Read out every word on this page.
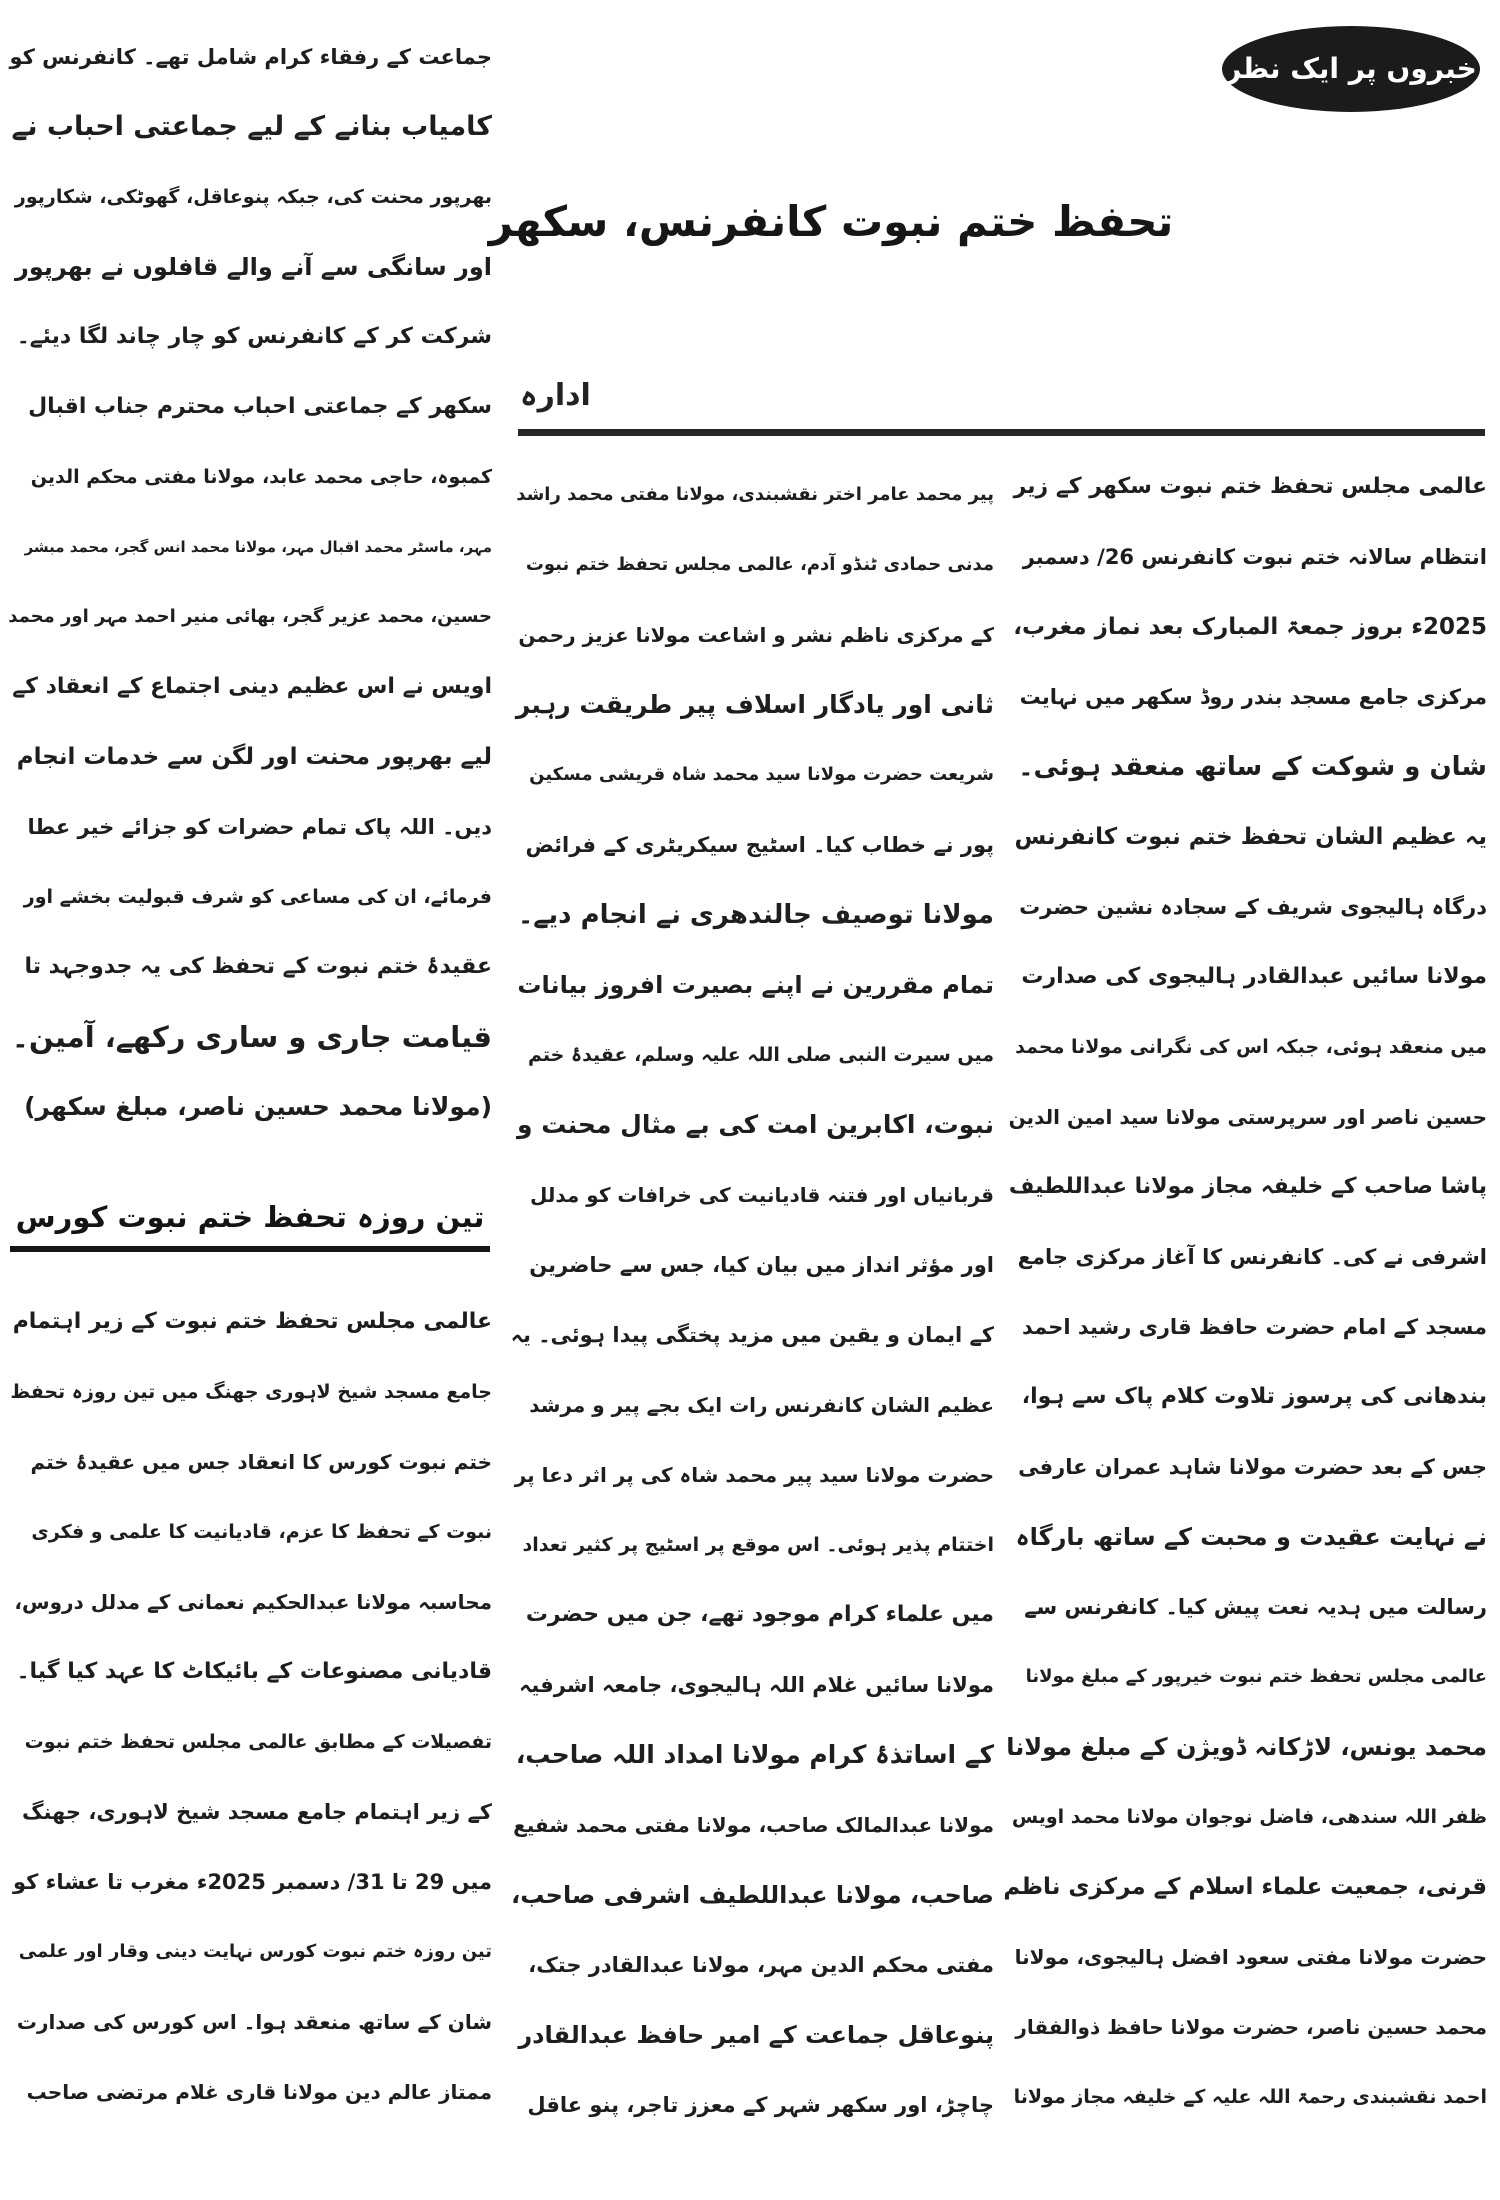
خبروں پر ایک نظر
تحفظ ختم نبوت کانفرنس، سکھر
ادارہ
عالمی مجلس تحفظ ختم نبوت سکھر کے زیر
انتظام سالانہ ختم نبوت کانفرنس 26/ دسمبر
2025ء بروز جمعۃ المبارک بعد نماز مغرب،
مرکزی جامع مسجد بندر روڈ سکھر میں نہایت
شان و شوکت کے ساتھ منعقد ہوئی۔
یہ عظیم الشان تحفظ ختم نبوت کانفرنس
درگاہ ہالیجوی شریف کے سجادہ نشین حضرت
مولانا سائیں عبدالقادر ہالیجوی کی صدارت
میں منعقد ہوئی، جبکہ اس کی نگرانی مولانا محمد
حسین ناصر اور سرپرستی مولانا سید امین الدین
پاشا صاحب کے خلیفہ مجاز مولانا عبداللطیف
اشرفی نے کی۔ کانفرنس کا آغاز مرکزی جامع
مسجد کے امام حضرت حافظ قاری رشید احمد
بندھانی کی پرسوز تلاوت کلام پاک سے ہوا،
جس کے بعد حضرت مولانا شاہد عمران عارفی
نے نہایت عقیدت و محبت کے ساتھ بارگاہ
رسالت میں ہدیہ نعت پیش کیا۔ کانفرنس سے
عالمی مجلس تحفظ ختم نبوت خیرپور کے مبلغ مولانا
محمد یونس، لاڑکانہ ڈویژن کے مبلغ مولانا
ظفر اللہ سندھی، فاضل نوجوان مولانا محمد اویس
قرنی، جمعیت علماء اسلام کے مرکزی ناظم
حضرت مولانا مفتی سعود افضل ہالیجوی، مولانا
محمد حسین ناصر، حضرت مولانا حافظ ذوالفقار
احمد نقشبندی رحمۃ اللہ علیہ کے خلیفہ مجاز مولانا
پیر محمد عامر اختر نقشبندی، مولانا مفتی محمد راشد
مدنی حمادی ٹنڈو آدم، عالمی مجلس تحفظ ختم نبوت
کے مرکزی ناظم نشر و اشاعت مولانا عزیز رحمن
ثانی اور یادگار اسلاف پیر طریقت رہبر
شریعت حضرت مولانا سید محمد شاہ قریشی مسکین
پور نے خطاب کیا۔ اسٹیج سیکریٹری کے فرائض
مولانا توصیف جالندھری نے انجام دیے۔
تمام مقررین نے اپنے بصیرت افروز بیانات
میں سیرت النبی صلی اللہ علیہ وسلم، عقیدۂ ختم
نبوت، اکابرین امت کی بے مثال محنت و
قربانیاں اور فتنہ قادیانیت کی خرافات کو مدلل
اور مؤثر انداز میں بیان کیا، جس سے حاضرین
کے ایمان و یقین میں مزید پختگی پیدا ہوئی۔ یہ
عظیم الشان کانفرنس رات ایک بجے پیر و مرشد
حضرت مولانا سید پیر محمد شاہ کی پر اثر دعا پر
اختتام پذیر ہوئی۔ اس موقع پر اسٹیج پر کثیر تعداد
میں علماء کرام موجود تھے، جن میں حضرت
مولانا سائیں غلام اللہ ہالیجوی، جامعہ اشرفیہ
کے اساتذۂ کرام مولانا امداد اللہ صاحب،
مولانا عبدالمالک صاحب، مولانا مفتی محمد شفیع
صاحب، مولانا عبداللطیف اشرفی صاحب،
مفتی محکم الدین مہر، مولانا عبدالقادر جتک،
پنوعاقل جماعت کے امیر حافظ عبدالقادر
چاچڑ، اور سکھر شہر کے معزز تاجر، پنو عاقل
جماعت کے رفقاء کرام شامل تھے۔ کانفرنس کو
کامیاب بنانے کے لیے جماعتی احباب نے
بھرپور محنت کی، جبکہ پنوعاقل، گھوٹکی، شکارپور
اور سانگی سے آنے والے قافلوں نے بھرپور
شرکت کر کے کانفرنس کو چار چاند لگا دیئے۔
سکھر کے جماعتی احباب محترم جناب اقبال
کمبوہ، حاجی محمد عابد، مولانا مفتی محکم الدین
مہر، ماسٹر محمد اقبال مہر، مولانا محمد انس گجر، محمد مبشر
حسین، محمد عزیر گجر، بھائی منیر احمد مہر اور محمد
اویس نے اس عظیم دینی اجتماع کے انعقاد کے
لیے بھرپور محنت اور لگن سے خدمات انجام
دیں۔ اللہ پاک تمام حضرات کو جزائے خیر عطا
فرمائے، ان کی مساعی کو شرف قبولیت بخشے اور
عقیدۂ ختم نبوت کے تحفظ کی یہ جدوجہد تا
قیامت جاری و ساری رکھے، آمین۔
(مولانا محمد حسین ناصر، مبلغ سکھر)
تین روزہ تحفظ ختم نبوت کورس
عالمی مجلس تحفظ ختم نبوت کے زیر اہتمام
جامع مسجد شیخ لاہوری جھنگ میں تین روزہ تحفظ
ختم نبوت کورس کا انعقاد جس میں عقیدۂ ختم
نبوت کے تحفظ کا عزم، قادیانیت کا علمی و فکری
محاسبہ مولانا عبدالحکیم نعمانی کے مدلل دروس،
قادیانی مصنوعات کے بائیکاٹ کا عہد کیا گیا۔
تفصیلات کے مطابق عالمی مجلس تحفظ ختم نبوت
کے زیر اہتمام جامع مسجد شیخ لاہوری، جھنگ
میں 29 تا 31/ دسمبر 2025ء مغرب تا عشاء کو
تین روزہ ختم نبوت کورس نہایت دینی وقار اور علمی
شان کے ساتھ منعقد ہوا۔ اس کورس کی صدارت
ممتاز عالم دین مولانا قاری غلام مرتضی صاحب
